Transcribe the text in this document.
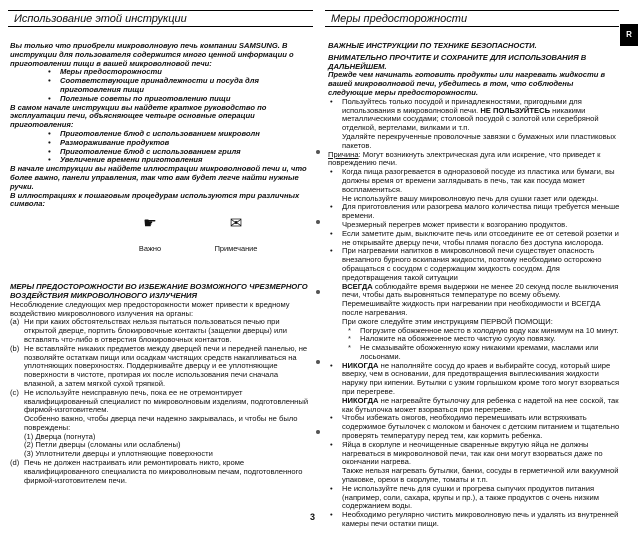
Использование этой инструкции	Меры предосторожности
R

Вы только что приобрели микроволновую печь компании SAMSUNG. В инструкции для пользователя содержится много ценной информации о приготовлении пищи в вашей микроволновой печи:

• Меры предосторожности
• Соответствующие принадлежности и посуда для приготовления пищи
• Полезные советы по приготовлению пищи

В самом начале инструкции вы найдете краткое руководство по эксплуатации печи, объясняющее четыре основные операции приготовления:

• Приготовление блюд с использованием микроволн
• Размораживание продуктов
• Приготовление блюд с использованием гриля
• Увеличение времени приготовления

В начале инструкции вы найдете иллюстрации микроволновой печи и, что более важно, панели управления, так что вам будет легче найти нужные ручки.

В иллюстрациях к пошаговым процедурам используются три различных символа:

☛
Важно
✉
Примечание

МЕРЫ ПРЕДОСТОРОЖНОСТИ ВО ИЗБЕЖАНИЕ ВОЗМОЖНОГО ЧРЕЗМЕРНОГО ВОЗДЕЙСТВИЯ МИКРОВОЛНОВОГО ИЗЛУЧЕНИЯ

Несоблюдение следующих мер предосторожности может привести к вредному воздействию микроволнового излучения на органы:

(a) Ни при каких обстоятельствах нельзя пытаться пользоваться печью при открытой дверце, портить блокировочные контакты (защелки дверцы) или вставлять что-либо в отверстия блокировочных контактов.
(b) Не вставляйте никаких предметов между дверцей печи и передней панелью, не позволяйте остаткам пищи или осадкам чистящих средств накапливаться на уплотняющих поверхностях. Поддерживайте дверцу и ее уплотняющие поверхности в чистоте, протирая их после использования печи сначала влажной, а затем мягкой сухой тряпкой.
(c) Не используйте неисправную печь, пока ее не отремонтирует квалифицированный специалист по микроволновым изделиям, подготовленный фирмой-изготовителем.
Особенно важно, чтобы дверца печи надежно закрывалась, и чтобы не было повреждены:
(1) Дверца (погнута)
(2) Петли дверцы (сломаны или ослаблены)
(3) Уплотнители дверцы и уплотняющие поверхности
(d) Печь не должен настраивать или ремонтировать никто, кроме квалифицированного специалиста по микроволновым печам, подготовленного фирмой-изготовителем печи.

ВАЖНЫЕ ИНСТРУКЦИИ ПО ТЕХНИКЕ БЕЗОПАСНОСТИ.

ВНИМАТЕЛЬНО ПРОЧТИТЕ И СОХРАНИТЕ ДЛЯ ИСПОЛЬЗОВАНИЯ В ДАЛЬНЕЙШЕМ.

Прежде чем начинать готовить продукты или нагревать жидкости в вашей микроволновой печи, убедитесь в том, что соблюдены следующие меры предосторожности.

• Пользуйтесь только посудой и принадлежностями, пригодными для использования в микроволновой печи. НЕ ПОЛЬЗУЙТЕСЬ никакими металлическими сосудами; столовой посудой с золотой или серебряной отделкой, вертелами, вилками и т.п.
Удаляйте перекрученные проволочные завязки с бумажных или пластиковых пакетов.

Причина: Могут возникнуть электрическая дуга или искрение, что приведет к повреждению печи.

• Когда пища разогревается в одноразовой посуде из пластика или бумаги, вы должны время от времени заглядывать в печь, так как посуда может воспламениться.
Не используйте вашу микроволновую печь для сушки газет или одежды.
• Для приготовления или разогрева малого количества пищи требуется меньше времени.
Чрезмерный перегрев может привести к возгоранию продуктов.
• Если заметите дым, выключите печь или отсоедините ее от сетевой розетки и не открывайте дверцу печи, чтобы пламя погасло без доступа кислорода.
• При нагревании напитков в микроволновой печи существует опасность внезапного бурного вскипания жидкости, поэтому необходимо осторожно обращаться с сосудом с содержащим жидкость сосудом. Для предотвращения такой ситуации
ВСЕГДА соблюдайте время выдержки не менее 20 секунд после выключения печи, чтобы дать выровняться температуре по всему объему.
Перемешивайте жидкость при нагревании при необходимости и ВСЕГДА после нагревания.
При ожоге следуйте этим инструкциям ПЕРВОЙ ПОМОЩИ:
* Погрузите обожженное место в холодную воду как минимум на 10 минут.
* Наложите на обожженное место чистую сухую повязку.
* Не смазывайте обожженную кожу никакими кремами, маслами или лосьонами.
• НИКОГДА не наполняйте сосуд до краев и выбирайте сосуд, который шире вверху, чем в основании, для предотвращения выплескивания жидкости наружу при кипении. Бутылки с узким горлышком кроме того могут взорваться при перегреве.
НИКОГДА не нагревайте бутылочку для ребенка с надетой на нее соской, так как бутылочка может взорваться при перегреве.
• Чтобы избежать ожогов, необходимо перемешивать или встряхивать содержимое бутылочек с молоком и баночек с детским питанием и тщательно проверять температуру перед тем, как кормить ребенка.
• Яйца в скорлупе и неочищенные сваренные вкрутую яйца не должны нагреваться в микроволновой печи, так как они могут взорваться даже по окончании нагрева.
Также нельзя нагревать бутылки, банки, сосуды в герметичной или вакуумной упаковке, орехи в скорлупе, томаты и т.п.
• Не используйте печь для сушки и прогрева сыпучих продуктов питания (например, соли, сахара, крупы и пр.), а также продуктов с очень низким содержанием воды.
• Необходимо регулярно чистить микроволновую печь и удалять из внутренней камеры печи остатки пищи.
3
